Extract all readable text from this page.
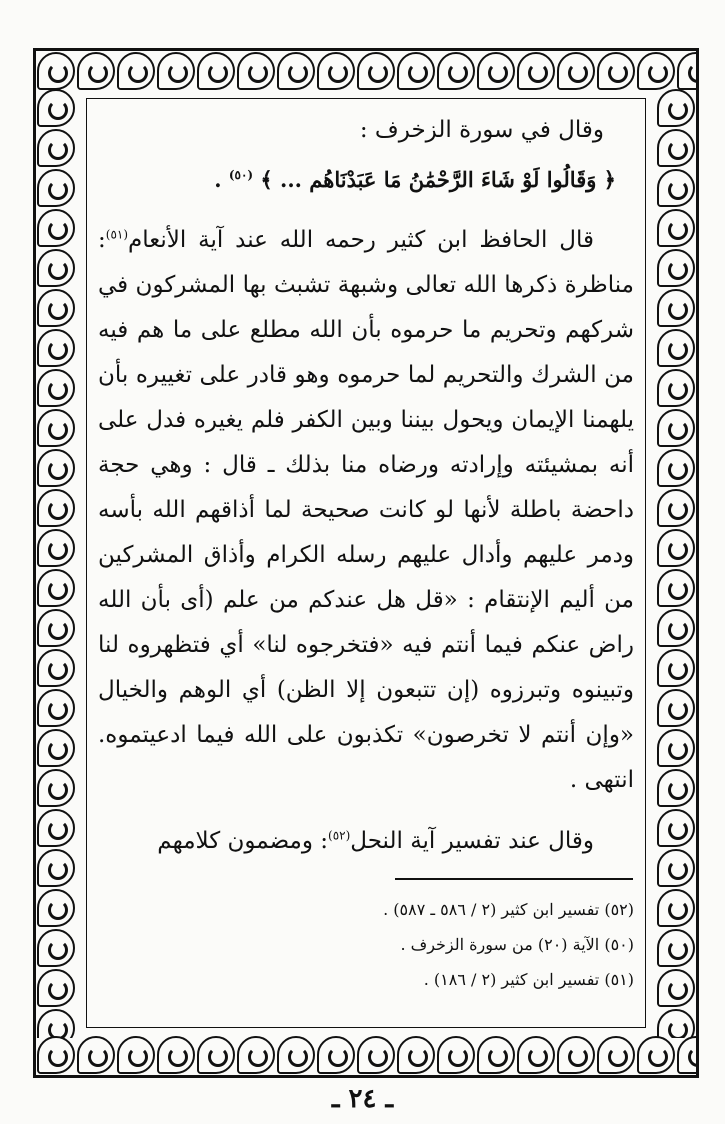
وقال في سورة الزخرف :

﴿ وَقَالُوا لَوْ شَاءَ الرَّحْمَٰنُ مَا عَبَدْنَاهُم ... ﴾ $^{(٥٠)}$ .

قال الحافظ ابن كثير رحمه الله عند آية الأنعام$^{(٥١)}$: مناظرة ذكرها الله تعالى وشبهة تشبث بها المشركون في شركهم وتحريم ما حرموه بأن الله مطلع على ما هم فيه من الشرك والتحريم لما حرموه وهو قادر على تغييره بأن يلهمنا الإيمان ويحول بيننا وبين الكفر فلم يغيره فدل على أنه بمشيئته وإرادته ورضاه منا بذلك ـ قال : وهي حجة داحضة باطلة لأنها لو كانت صحيحة لما أذاقهم الله بأسه ودمر عليهم وأدال عليهم رسله الكرام وأذاق المشركين من أليم الإنتقام : «قل هل عندكم من علم (أى بأن الله راض عنكم فيما أنتم فيه «فتخرجوه لنا» أي فتظهروه لنا وتبينوه وتبرزوه (إن تتبعون إلا الظن) أي الوهم والخيال «وإن أنتم لا تخرصون» تكذبون على الله فيما ادعيتموه. انتهى .

وقال عند تفسير آية النحل$^{(٥٢)}$: ومضمون كلامهم

(٥٢) تفسير ابن كثير (٢ / ٥٨٦ ـ ٥٨٧) .

(٥٠) الآية (٢٠) من سورة الزخرف .

(٥١) تفسير ابن كثير (٢ / ١٨٦) .

ـ ٢٤ ـ
